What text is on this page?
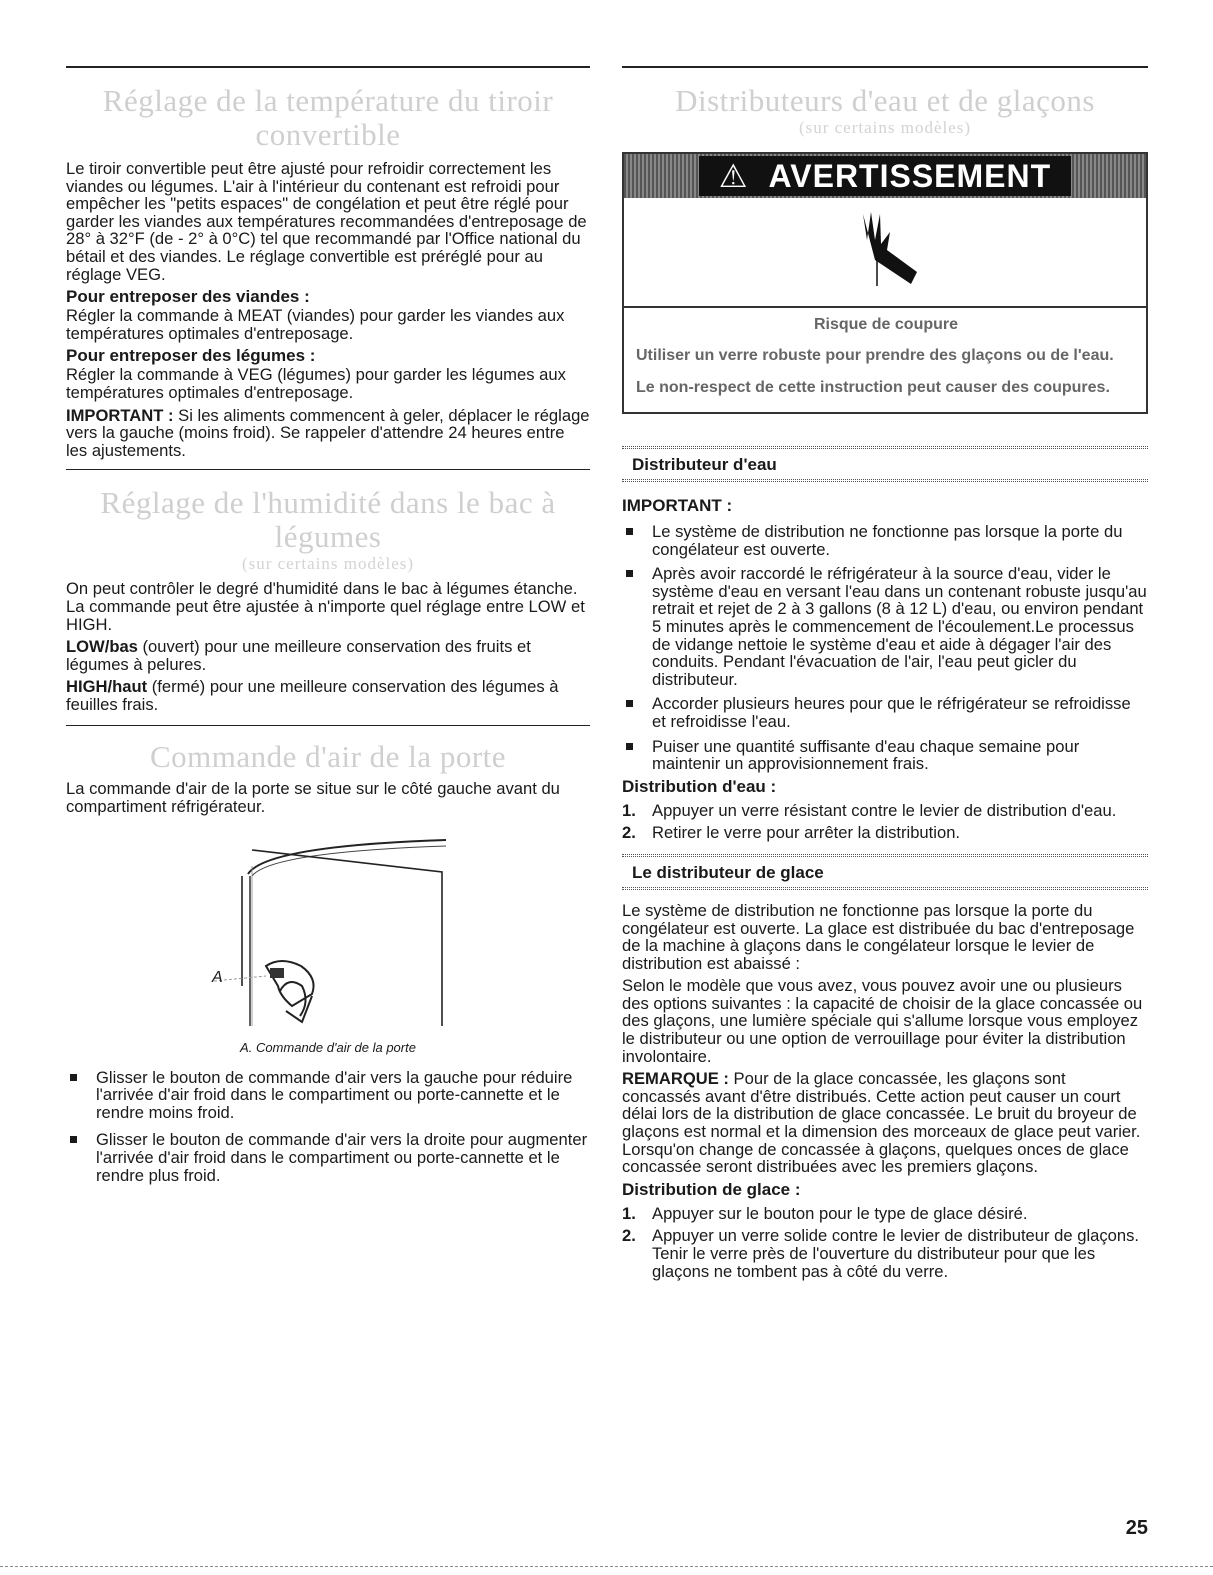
Réglage de la température du tiroir
convertible

Le tiroir convertible peut être ajusté pour refroidir correctement les viandes ou légumes. L'air à l'intérieur du contenant est refroidi pour empêcher les "petits espaces" de congélation et peut être réglé pour garder les viandes aux températures recommandées d'entreposage de 28° à 32°F (de - 2° à 0°C) tel que recommandé par l'Office national du bétail et des viandes. Le réglage convertible est préréglé pour au réglage VEG.

Pour entreposer des viandes :

Régler la commande à MEAT (viandes) pour garder les viandes aux températures optimales d'entreposage.

Pour entreposer des légumes :

Régler la commande à VEG (légumes) pour garder les légumes aux températures optimales d'entreposage.

IMPORTANT : Si les aliments commencent à geler, déplacer le réglage vers la gauche (moins froid). Se rappeler d'attendre 24 heures entre les ajustements.

Réglage de l'humidité dans le bac à légumes
(sur certains modèles)

On peut contrôler le degré d'humidité dans le bac à légumes étanche. La commande peut être ajustée à n'importe quel réglage entre LOW et HIGH.

LOW/bas (ouvert) pour une meilleure conservation des fruits et légumes à pelures.

HIGH/haut (fermé) pour une meilleure conservation des légumes à feuilles frais.

Commande d'air de la porte

La commande d'air de la porte se situe sur le côté gauche avant du compartiment réfrigérateur.

A
A. Commande d'air de la porte
Glisser le bouton de commande d'air vers la gauche pour réduire l'arrivée d'air froid dans le compartiment ou porte-cannette et le rendre moins froid.
Glisser le bouton de commande d'air vers la droite pour augmenter l'arrivée d'air froid dans le compartiment ou porte-cannette et le rendre plus froid.
Distributeurs d'eau et de glaçons
(sur certains modèles)
⚠ AVERTISSEMENT
Risque de coupure

Utiliser un verre robuste pour prendre des glaçons ou de l'eau.

Le non-respect de cette instruction peut causer des coupures.

Distributeur d'eau
IMPORTANT :
Le système de distribution ne fonctionne pas lorsque la porte du congélateur est ouverte.
Après avoir raccordé le réfrigérateur à la source d'eau, vider le système d'eau en versant l'eau dans un contenant robuste jusqu'au retrait et rejet de 2 à 3 gallons (8 à 12 L) d'eau, ou environ pendant 5 minutes après le commencement de l'écoulement.Le processus de vidange nettoie le système d'eau et aide à dégager l'air des conduits. Pendant l'évacuation de l'air, l'eau peut gicler du distributeur.
Accorder plusieurs heures pour que le réfrigérateur se refroidisse et refroidisse l'eau.
Puiser une quantité suffisante d'eau chaque semaine pour maintenir un approvisionnement frais.
Distribution d'eau :
1. Appuyer un verre résistant contre le levier de distribution d'eau.
2. Retirer le verre pour arrêter la distribution.
Le distributeur de glace

Le système de distribution ne fonctionne pas lorsque la porte du congélateur est ouverte. La glace est distribuée du bac d'entreposage de la machine à glaçons dans le congélateur lorsque le levier de distribution est abaissé :

Selon le modèle que vous avez, vous pouvez avoir une ou plusieurs des options suivantes : la capacité de choisir de la glace concassée ou des glaçons, une lumière spéciale qui s'allume lorsque vous employez le distributeur ou une option de verrouillage pour éviter la distribution involontaire.

REMARQUE : Pour de la glace concassée, les glaçons sont concassés avant d'être distribués. Cette action peut causer un court délai lors de la distribution de glace concassée. Le bruit du broyeur de glaçons est normal et la dimension des morceaux de glace peut varier. Lorsqu'on change de concassée à glaçons, quelques onces de glace concassée seront distribuées avec les premiers glaçons.

Distribution de glace :
1. Appuyer sur le bouton pour le type de glace désiré.
2. Appuyer un verre solide contre le levier de distributeur de glaçons. Tenir le verre près de l'ouverture du distributeur pour que les glaçons ne tombent pas à côté du verre.
25
